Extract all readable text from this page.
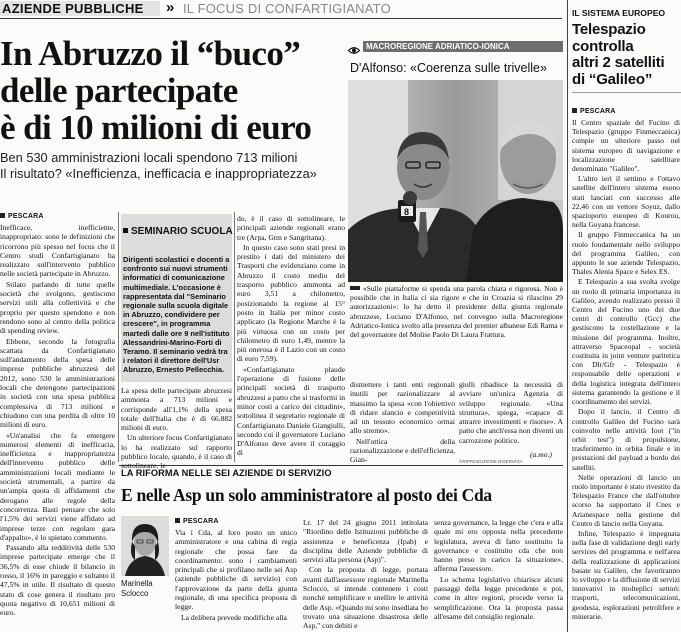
AZIENDE PUBBLICHE » IL FOCUS DI CONFARTIGIANATO
In Abruzzo il “buco”
delle partecipate
è di 10 milioni di euro
Ben 530 amministrazioni locali spendono 713 milioni
Il risultato? «Inefficienza, inefficacia e inappropriatezza»
MACROREGIONE ADRIATICO-IONICA
D'Alfonso: «Coerenza sulle trivelle»
8
«Sulle piattaforme si spenda una parola chiara e rigorosa. Non è possibile che in Italia ci sia rigore e che in Croazia si rilascino 29 autorizzazioni»: lo ha detto il presidente della giunta regionale abruzzese, Luciano D'Alfonso, nel convegno sulla Macroregione Adriatico-Ionica svolto alla presenza del premier albanese Edi Rama e del governatore del Molise Paolo Di Laura Frattura.
PESCARA

Inefficace, inefficiente, inappropriato: sono le definizioni che ricorrono più spesso nel focus che il Centro studi Confartigianato ha realizzato sull'intervento pubblico nelle società partecipate in Abruzzo.

Stilato parlando di tutte quelle società che svolgono, gestiscono servizi utili alla collettività e che proprio per questo spendono e non rendono sono al centro della politica di spending review.

Ebbene, secondo la fotografia scattata da Confartigianato sull'andamento della spesa delle imprese pubbliche abruzzesi del 2012, sono 530 le amministrazioni locali che detengono partecipazioni in società con una spesa pubblica complessiva di 713 milioni e chiudono con una perdita di oltre 10 milioni di euro.

«Un'analisi che fa emergere numerosi elementi di inefficacia, inefficienza e inappropriatezza dell'intervento pubblico delle amministrazioni locali mediante le società strumentali, a partire da un'ampia quota di affidamenti che derogano alle regole della concorrenza. Basti pensare che solo l'1,5% dei servizi viene affidato ad imprese terze con regolare gara d'appalto», è lo spietato commento.

Passando alla redditività delle 530 imprese partecipate emerge che il 36,5% di esse chiude il bilancio in rosso, il 16% in pareggio e soltanto il 47,5% in utile. Il risultato di questo stato di cose genera il risultato pro quota negativo di 10,651 milioni di euro.

SEMINARIO SCUOLA
Dirigenti scolastici e docenti a confronto sui nuovi strumenti informatici di comunicazione multimediale. L'occasione è rappresentata dal "Seminario regionale sulla scuola digitale in Abruzzo, condividere per crescere", in programma martedì dalle ore 9 nell'istituto Alessandrini-Marino-Forti di Teramo. Il seminario vedrà tra i relatori il direttore dell'Usr Abruzzo, Ernesto Pellecchia.

La spesa delle partecipate abruzzesi ammonta a 713 milioni e corrisponde all'1,1% della spesa totale dell'Italia che è di 66.882 milioni di euro.

Un ulteriore focus Confartigianato lo ha realizzato sul rapporto pubblico locale, quando, è il caso di

do, è il caso di sottolineare, le principali aziende regionali erano tre (Arpa, Gtm e Sangritana).

In questo caso sono stati presi in prestito i dati del ministero dei Trasporti che evidenziano come in Abruzzo il costo medio del trasporto pubblico ammonta ad euro 3,51 a chilometro, posizionando la regione al 15° posto in Italia per minor costo applicato (la Regione Marche è la più virtuosa con un costo per chilometro di euro 1,49, mentre la più onerosa è il Lazio con un costo di euro 7,59).

«Confartigianato plaude l'operazione di fusione delle principali società di trasporto abruzzesi a patto che si trasformi in minor costi a carico dei cittadini», sottolinea il segretario regionale di Confartigianato Daniele Giangiulli, secondo cui il governatore Luciano D'Alfonso deve avere il coraggio di

dismettere i tanti enti regionali inutili per razionalizzare al massimo la spesa «con l'obiettivo di ridare slancio e competitività ad un tessuto economico ormai allo stremo».

Nell'ottica della razionalizzazione e dell'efficienza, Gian-

giulli ribadisce la necessità di avviare un'unica Agenzia di sviluppo regionale. «Una struttura», spiega, «capace di attrarre investimenti e risorse». A patto che anch'essa non diventi un carrozzone politico.

(a.mo.)
©RIPRODUZIONE RISERVATA
LA RIFORMA NELLE SEI AZIENDE DI SERVIZIO
E nelle Asp un solo amministratore al posto dei Cda
Marinella Sclocco
PESCARA

Via i Cda, al loro posto un unico amministratore e una cabina di regia regionale che possa fare da coordinamento: sono i cambiamenti principali che si profilano nelle sei Asp (aziende pubbliche di servizio) con l'approvazione da parte della giunta regionale, di una specifica proposta di legge.

La delibera prevede modifiche alla

Lr. 17 del 24 giugno 2011 intitolata "Riordino delle Istituzioni pubbliche di assistenza e beneficenza (Ipab) e disciplina delle Aziende pubbliche di servizi alla persona (Asp)".

Con la proposta di legge, portata avanti dall'assessore regionale Marinella Sclocco, si intende contenere i costi nonché semplificare e snellire le attività delle Asp. «Quando mi sono insediata ho trovato una situazione disastrosa delle Asp," con debiti e

senza governance, la legge che c'era e alla quale mi ero opposta nella precedente legislatura, aveva di fatto sostituito la governance e costituito cda che non hanno preso in carico la situazione», afferma l'assessore.

Lo schema legislativo chiarisce alcuni passaggi della legge precedente e poi, come in altre regioni, procede verso la semplificazione. Ora la proposta passa all'esame del consiglio regionale.

IL SISTEMA EUROPEO
Telespazio
controlla
altri 2 satelliti
di “Galileo”
PESCARA

Il Centro spaziale del Fucino di Telespazio (gruppo Finmeccanica) compie un ulteriore passo nel sistema europeo di navigazione e localizzazione satellitare denominato "Galileo".

L'altro ieri il settimo e l'ottavo satellite dell'intero sistema esono stati lanciati con successo alle 22,46 con un vettore Soyuz, dallo spazioporto europeo di Kourou, nella Guyana francese.

Il gruppo Finmeccanica ha un ruolo fondamentale nello sviluppo del programma Galileo, con appunto le sue aziende Telespazio, Thales Alenia Space e Selex ES.

E Telespazio a sua svolta svolge un ruolo di primaria importanza in Galileo, avendo realizzato presso il Centro del Fucino uno dei due centri di controllo (Gcc) che gestiscono la costellazione e la missione del programma. Inoltre, attraverso Spaceopal - società costituita in joint venture paritetica con Dlr/Gfr - Telespazio è responsabile delle operazioni e della logistica integrata dell'intero sistema garantendo la gestione e il coordinamento dei servizi.

Dopo il lancio, il Centro di controllo Galileo del Fucino sarà coinvolto nelle attività Ioot ("in orbit test") di propulsione, trasferimento in orbita finale e in prestazioni del payload a bordo dei satelliti.

Nelle operazioni di lancio un ruolo importante è stato rivestito da Telespazio France che dall'ottobre scorso ha supportato il Cnes e Arianespace nella gestione del Centro di lancio nella Guyana.

Infine, Telespazio è impegnata nella fase di validazione degli early services del programma e nell'area della realizzazione di applicazioni basate su Galileo, che favoriranno lo sviluppo e la diffusione di servizi innovativi in molteplici settori: trasporti, telecomunicazioni, geodesia, esplorazioni petrolifere e minerarie.
